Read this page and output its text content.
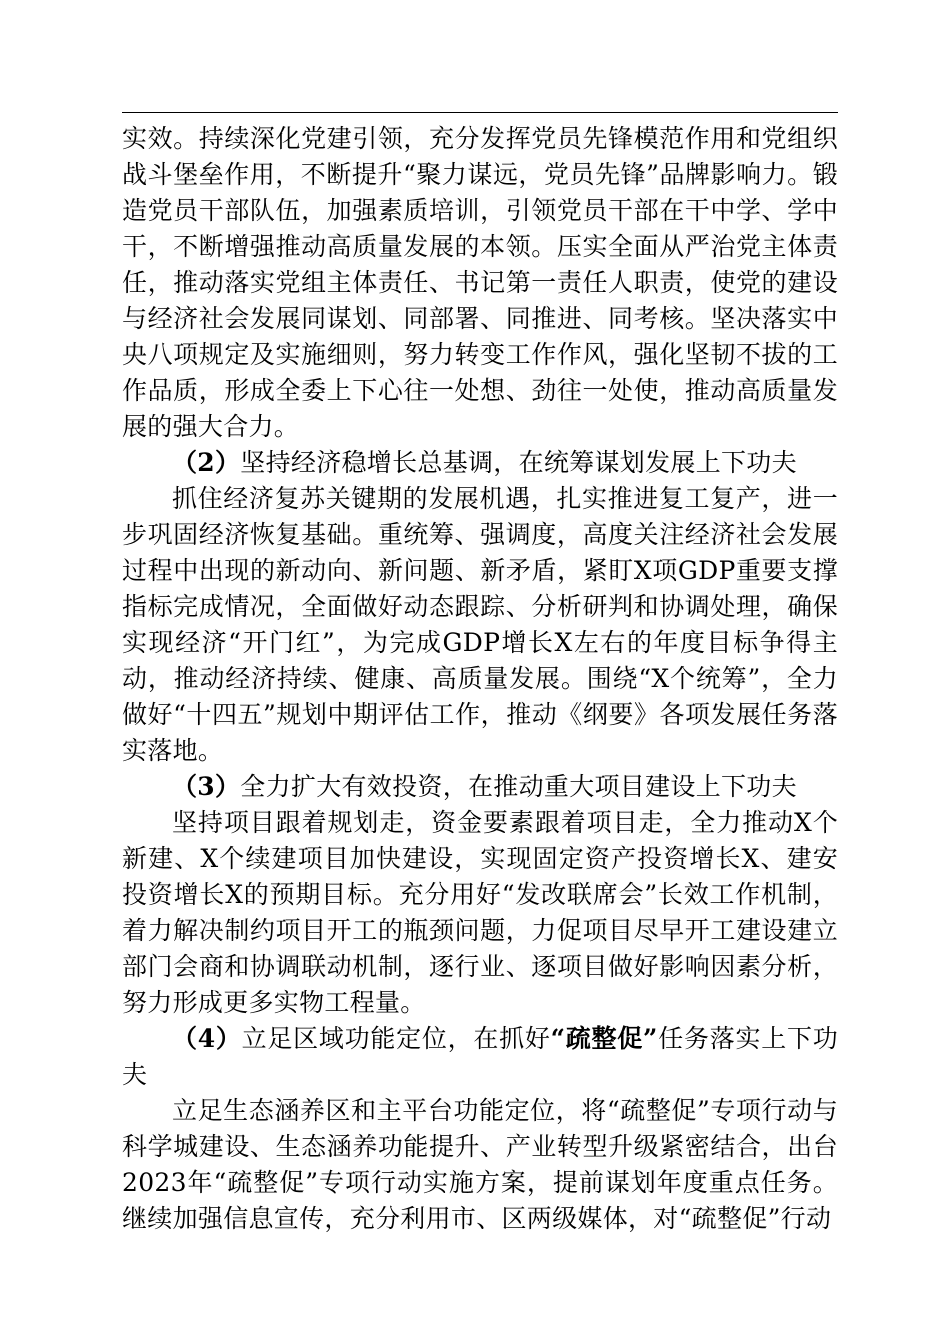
实效。持续深化党建引领，充分发挥党员先锋模范作用和党组织战斗堡垒作用，不断提升“聚力谋远，党员先锋”品牌影响力。锻造党员干部队伍，加强素质培训，引领党员干部在干中学、学中干，不断增强推动高质量发展的本领。压实全面从严治党主体责任，推动落实党组主体责任、书记第一责任人职责，使党的建设与经济社会发展同谋划、同部署、同推进、同考核。坚决落实中央八项规定及实施细则，努力转变工作作风，强化坚韧不拔的工作品质，形成全委上下心往一处想、劲往一处使，推动高质量发展的强大合力。

（2）坚持经济稳增长总基调，在统筹谋划发展上下功夫

抓住经济复苏关键期的发展机遇，扎实推进复工复产，进一步巩固经济恢复基础。重统筹、强调度，高度关注经济社会发展过程中出现的新动向、新问题、新矛盾，紧盯X项GDP重要支撑指标完成情况，全面做好动态跟踪、分析研判和协调处理，确保实现经济“开门红”，为完成GDP增长X左右的年度目标争得主动，推动经济持续、健康、高质量发展。围绕“X个统筹”，全力做好“十四五”规划中期评估工作，推动《纲要》各项发展任务落实落地。

（3）全力扩大有效投资，在推动重大项目建设上下功夫

坚持项目跟着规划走，资金要素跟着项目走，全力推动X个新建、X个续建项目加快建设，实现固定资产投资增长X、建安投资增长X的预期目标。充分用好“发改联席会”长效工作机制，着力解决制约项目开工的瓶颈问题，力促项目尽早开工建设建立部门会商和协调联动机制，逐行业、逐项目做好影响因素分析，努力形成更多实物工程量。

（4）立足区域功能定位，在抓好“疏整促”任务落实上下功夫

立足生态涵养区和主平台功能定位，将“疏整促”专项行动与科学城建设、生态涵养功能提升、产业转型升级紧密结合，出台2023年“疏整促”专项行动实施方案，提前谋划年度重点任务。继续加强信息宣传，充分利用市、区两级媒体，对“疏整促”行动
